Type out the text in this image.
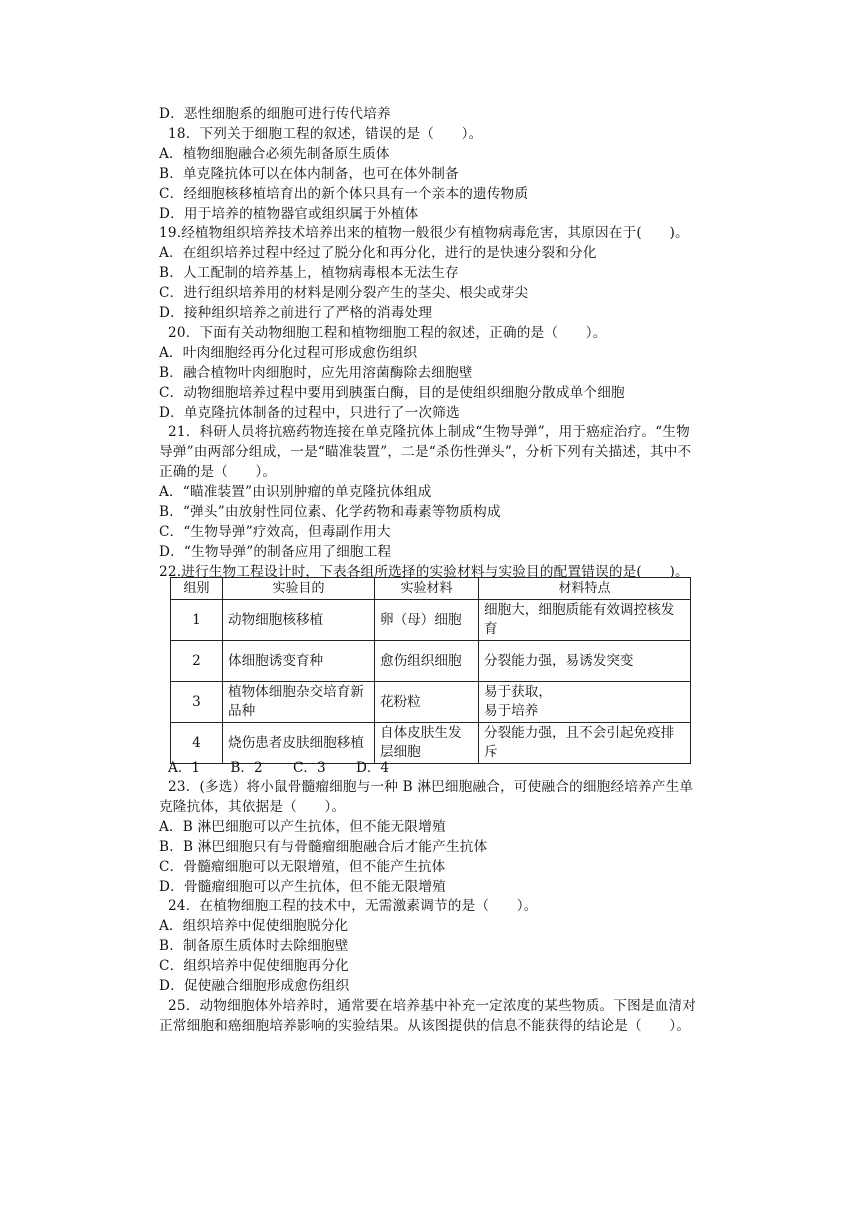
D．恶性细胞系的细胞可进行传代培养
18．下列关于细胞工程的叙述，错误的是（　　）。
A．植物细胞融合必须先制备原生质体
B．单克隆抗体可以在体内制备，也可在体外制备
C．经细胞核移植培育出的新个体只具有一个亲本的遗传物质
D．用于培养的植物器官或组织属于外植体
19.经植物组织培养技术培养出来的植物一般很少有植物病毒危害，其原因在于(　　)。
A．在组织培养过程中经过了脱分化和再分化，进行的是快速分裂和分化
B．人工配制的培养基上，植物病毒根本无法生存
C．进行组织培养用的材料是刚分裂产生的茎尖、根尖或芽尖
D．接种组织培养之前进行了严格的消毒处理
20．下面有关动物细胞工程和植物细胞工程的叙述，正确的是（　　）。
A．叶肉细胞经再分化过程可形成愈伤组织
B．融合植物叶肉细胞时，应先用溶菌酶除去细胞壁
C．动物细胞培养过程中要用到胰蛋白酶，目的是使组织细胞分散成单个细胞
D．单克隆抗体制备的过程中，只进行了一次筛选
21．科研人员将抗癌药物连接在单克隆抗体上制成“生物导弹”，用于癌症治疗。“生物
导弹”由两部分组成，一是“瞄准装置”，二是“杀伤性弹头”，分析下列有关描述，其中不
正确的是（　　）。
A．“瞄准装置”由识别肿瘤的单克隆抗体组成
B．“弹头”由放射性同位素、化学药物和毒素等物质构成
C．“生物导弹”疗效高，但毒副作用大
D．“生物导弹”的制备应用了细胞工程
22.进行生物工程设计时，下表各组所选择的实验材料与实验目的配置错误的是(　　)。
组别	实验目的	实验材料	材料特点
1	动物细胞核移植	卵（母）细胞	细胞大，细胞质能有效调控核发育
2	体细胞诱变育种	愈伤组织细胞	分裂能力强，易诱发突变
3	植物体细胞杂交培育新品种	花粉粒	易于获取，
易于培养
4	烧伤患者皮肤细胞移植	自体皮肤生发层细胞	分裂能力强，且不会引起免疫排斥
A．1 B．2 C．3 D．4
23．(多选）将小鼠骨髓瘤细胞与一种 B 淋巴细胞融合，可使融合的细胞经培养产生单
克隆抗体，其依据是（　　）。
A．B 淋巴细胞可以产生抗体，但不能无限增殖
B．B 淋巴细胞只有与骨髓瘤细胞融合后才能产生抗体
C．骨髓瘤细胞可以无限增殖，但不能产生抗体
D．骨髓瘤细胞可以产生抗体，但不能无限增殖
24．在植物细胞工程的技术中，无需激素调节的是（　　）。
A．组织培养中促使细胞脱分化
B．制备原生质体时去除细胞壁
C．组织培养中促使细胞再分化
D．促使融合细胞形成愈伤组织
25．动物细胞体外培养时，通常要在培养基中补充一定浓度的某些物质。下图是血清对
正常细胞和癌细胞培养影响的实验结果。从该图提供的信息不能获得的结论是（　　）。
